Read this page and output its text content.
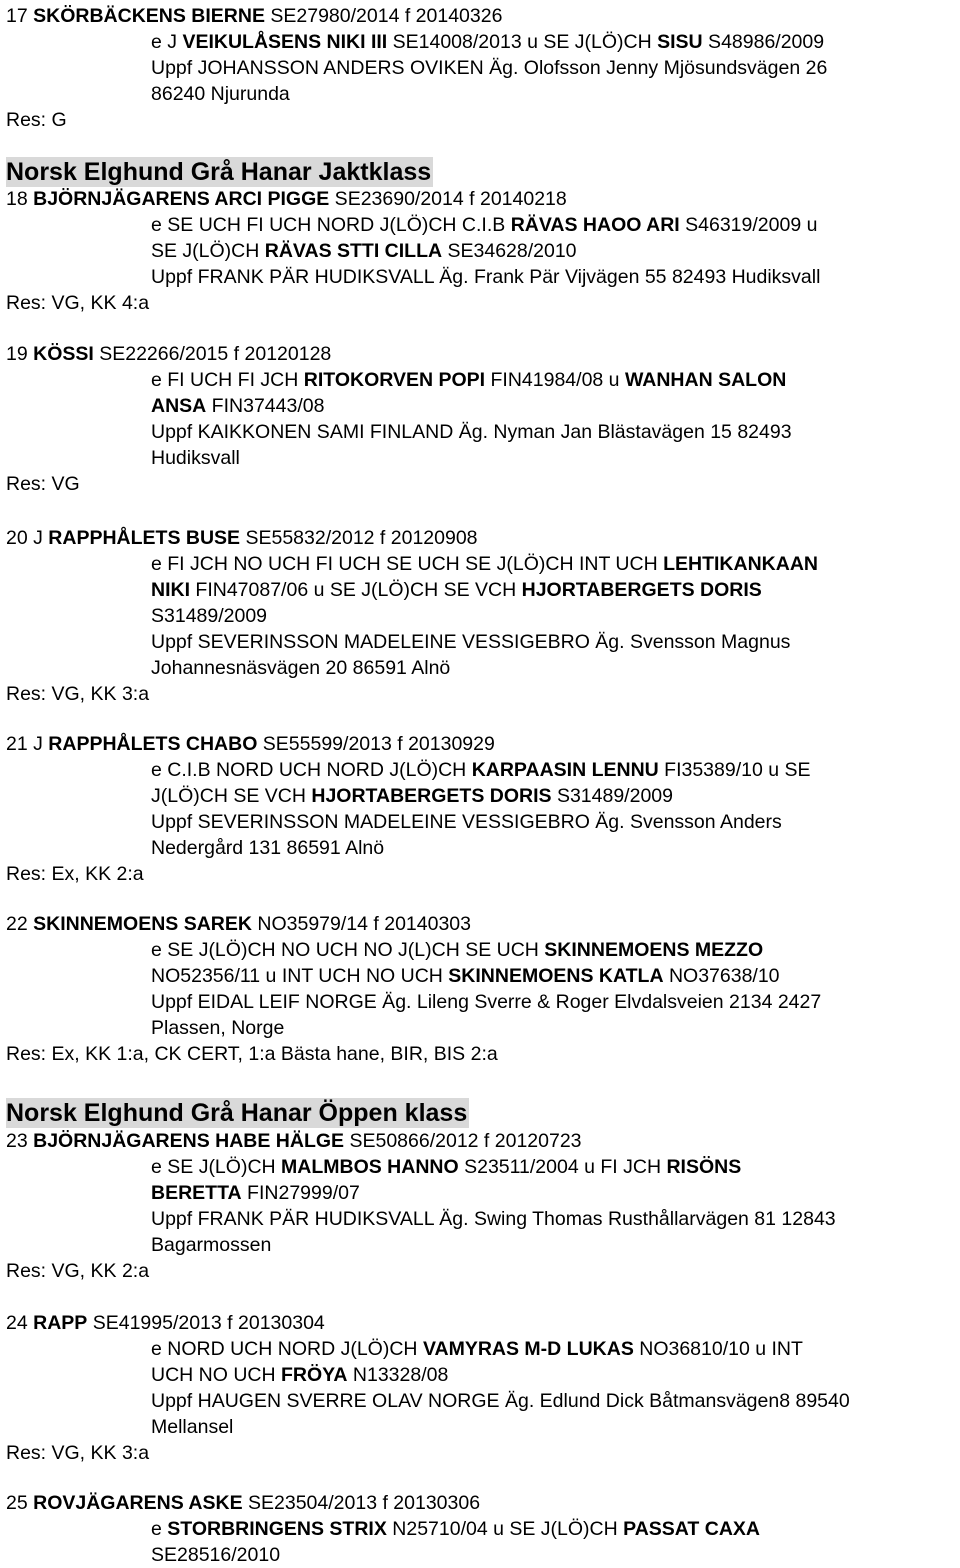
17 SKÖRBÄCKENS BIERNE SE27980/2014 f 20140326
e J VEIKULÅSENS NIKI III SE14008/2013 u SE J(LÖ)CH SISU S48986/2009
Uppf JOHANSSON ANDERS OVIKEN Äg. Olofsson Jenny Mjösundsvägen 26
86240 Njurunda
Res: G
Norsk Elghund Grå Hanar Jaktklass
18 BJÖRNJÄGARENS ARCI PIGGE SE23690/2014 f 20140218
e SE UCH FI UCH NORD J(LÖ)CH C.I.B RÄVAS HAOO ARI S46319/2009 u
SE J(LÖ)CH RÄVAS STTI CILLA SE34628/2010
Uppf FRANK PÄR HUDIKSVALL Äg. Frank Pär Vijvägen 55 82493 Hudiksvall
Res: VG, KK 4:a
19 KÖSSI SE22266/2015 f 20120128
e FI UCH FI JCH RITOKORVEN POPI FIN41984/08 u WANHAN SALON
ANSA FIN37443/08
Uppf KAIKKONEN SAMI FINLAND Äg. Nyman Jan Blästavägen 15 82493
Hudiksvall
Res: VG
20 J RAPPHÅLETS BUSE SE55832/2012 f 20120908
e FI JCH NO UCH FI UCH SE UCH SE J(LÖ)CH INT UCH LEHTIKANKAAN
NIKI FIN47087/06 u SE J(LÖ)CH SE VCH HJORTABERGETS DORIS
S31489/2009
Uppf SEVERINSSON MADELEINE VESSIGEBRO Äg. Svensson Magnus
Johannesnäsvägen 20 86591 Alnö
Res: VG, KK 3:a
21 J RAPPHÅLETS CHABO SE55599/2013 f 20130929
e C.I.B NORD UCH NORD J(LÖ)CH KARPAASIN LENNU FI35389/10 u SE
J(LÖ)CH SE VCH HJORTABERGETS DORIS S31489/2009
Uppf SEVERINSSON MADELEINE VESSIGEBRO Äg. Svensson Anders
Nedergård 131 86591 Alnö
Res: Ex, KK 2:a
22 SKINNEMOENS SAREK NO35979/14 f 20140303
e SE J(LÖ)CH NO UCH NO J(L)CH SE UCH SKINNEMOENS MEZZO
NO52356/11 u INT UCH NO UCH SKINNEMOENS KATLA NO37638/10
Uppf EIDAL LEIF NORGE Äg. Lileng Sverre & Roger Elvdalsveien 2134 2427
Plassen, Norge
Res: Ex, KK 1:a, CK CERT, 1:a Bästa hane, BIR, BIS 2:a
Norsk Elghund Grå Hanar Öppen klass
23 BJÖRNJÄGARENS HABE HÄLGE SE50866/2012 f 20120723
e SE J(LÖ)CH MALMBOS HANNO S23511/2004 u FI JCH RISÖNS
BERETTA FIN27999/07
Uppf FRANK PÄR HUDIKSVALL Äg. Swing Thomas Rusthållarvägen 81 12843
Bagarmossen
Res: VG, KK 2:a
24 RAPP SE41995/2013 f 20130304
e NORD UCH NORD J(LÖ)CH VAMYRAS M-D LUKAS NO36810/10 u INT
UCH NO UCH FRÖYA N13328/08
Uppf HAUGEN SVERRE OLAV NORGE Äg. Edlund Dick Båtmansvägen8 89540
Mellansel
Res: VG, KK 3:a
25 ROVJÄGARENS ASKE SE23504/2013 f 20130306
e STORBRINGENS STRIX N25710/04 u SE J(LÖ)CH PASSAT CAXA
SE28516/2010
